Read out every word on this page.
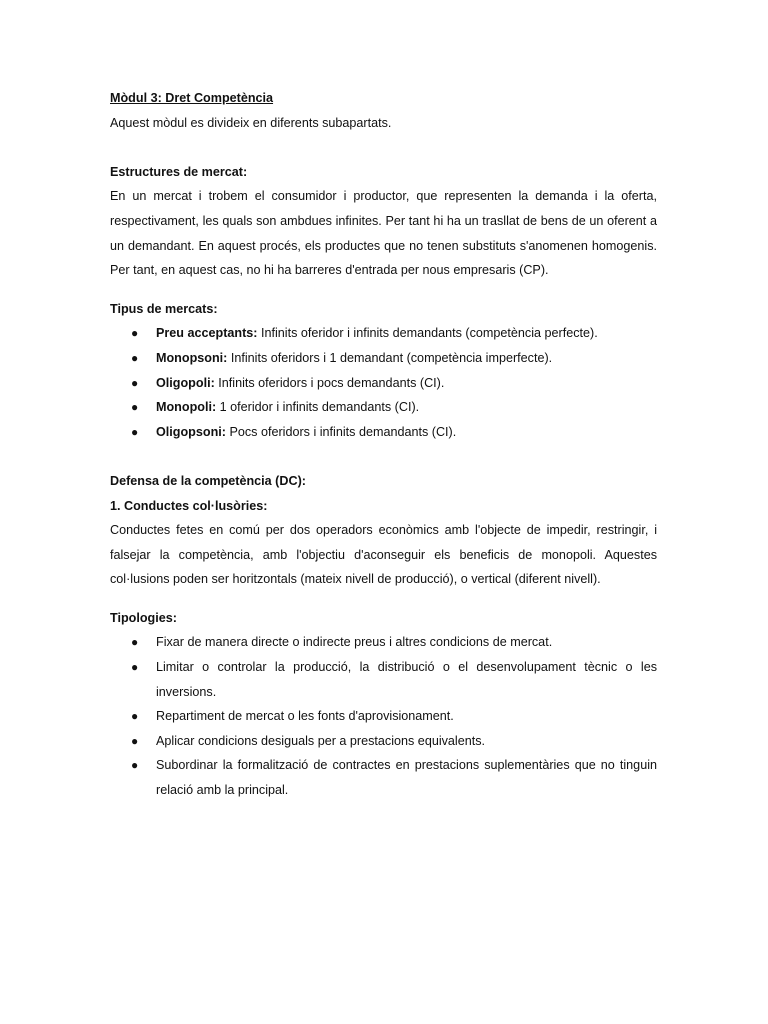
Mòdul 3: Dret Competència

Aquest mòdul es divideix en diferents subapartats.

Estructures de mercat:

En un mercat i trobem el consumidor i productor, que representen la demanda i la oferta, respectivament, les quals son ambdues infinites. Per tant hi ha un trasllat de bens de un oferent a un demandant. En aquest procés, els productes que no tenen substituts s'anomenen homogenis. Per tant, en aquest cas, no hi ha barreres d'entrada per nous empresaris (CP).

Tipus de mercats:

● Preu acceptants: Infinits oferidor i infinits demandants (competència perfecte).
● Monopsoni: Infinits oferidors i 1 demandant (competència imperfecte).
● Oligopoli: Infinits oferidors i pocs demandants (CI).
● Monopoli: 1 oferidor i infinits demandants (CI).
● Oligopsoni: Pocs oferidors i infinits demandants (CI).

Defensa de la competència (DC):

1. Conductes col·lusòries:

Conductes fetes en comú per dos operadors econòmics amb l'objecte de impedir, restringir, i falsejar la competència, amb l'objectiu d'aconseguir els beneficis de monopoli. Aquestes col·lusions poden ser horitzontals (mateix nivell de producció), o vertical (diferent nivell).

Tipologies:

● Fixar de manera directe o indirecte preus i altres condicions de mercat.
● Limitar o controlar la producció, la distribució o el desenvolupament tècnic o les inversions.
● Repartiment de mercat o les fonts d'aprovisionament.
● Aplicar condicions desiguals per a prestacions equivalents.
● Subordinar la formalització de contractes en prestacions suplementàries que no tinguin relació amb la principal.
